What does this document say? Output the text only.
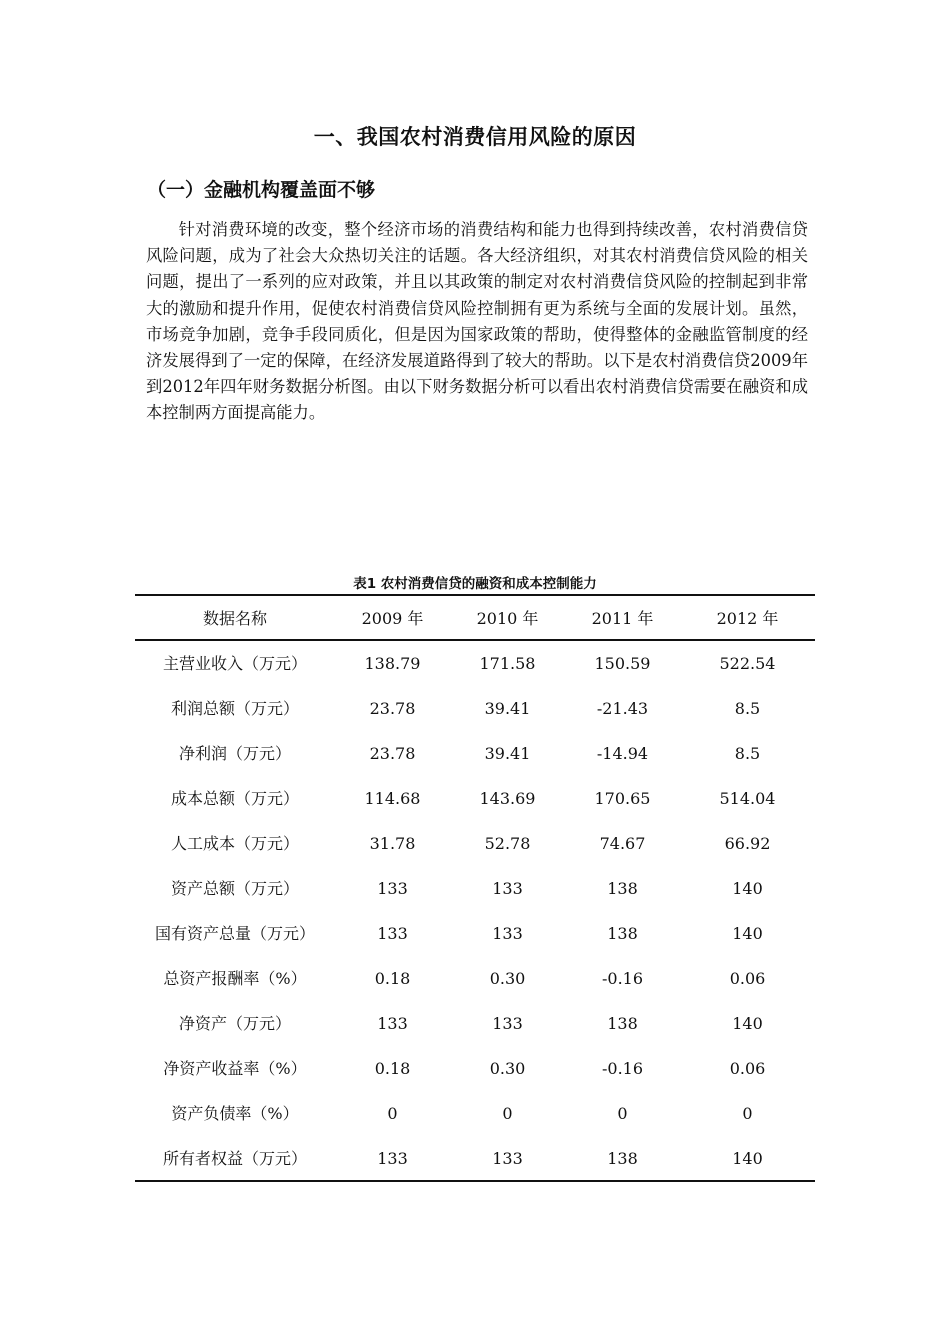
一、我国农村消费信用风险的原因
（一）金融机构覆盖面不够

针对消费环境的改变，整个经济市场的消费结构和能力也得到持续改善，农村消费信贷风险问题，成为了社会大众热切关注的话题。各大经济组织，对其农村消费信贷风险的相关问题，提出了一系列的应对政策，并且以其政策的制定对农村消费信贷风险的控制起到非常大的激励和提升作用，促使农村消费信贷风险控制拥有更为系统与全面的发展计划。虽然，市场竞争加剧，竞争手段同质化，但是因为国家政策的帮助，使得整体的金融监管制度的经济发展得到了一定的保障，在经济发展道路得到了较大的帮助。以下是农村消费信贷2009年到2012年四年财务数据分析图。由以下财务数据分析可以看出农村消费信贷需要在融资和成本控制两方面提高能力。

表1 农村消费信贷的融资和成本控制能力
数据名称	2009 年	2010 年	2011 年	2012 年
主营业收入（万元）	138.79	171.58	150.59	522.54
利润总额（万元）	23.78	39.41	-21.43	8.5
净利润（万元）	23.78	39.41	-14.94	8.5
成本总额（万元）	114.68	143.69	170.65	514.04
人工成本（万元）	31.78	52.78	74.67	66.92
资产总额（万元）	133	133	138	140
国有资产总量（万元）	133	133	138	140
总资产报酬率（%）	0.18	0.30	-0.16	0.06
净资产（万元）	133	133	138	140
净资产收益率（%）	0.18	0.30	-0.16	0.06
资产负债率（%）	0	0	0	0
所有者权益（万元）	133	133	138	140
